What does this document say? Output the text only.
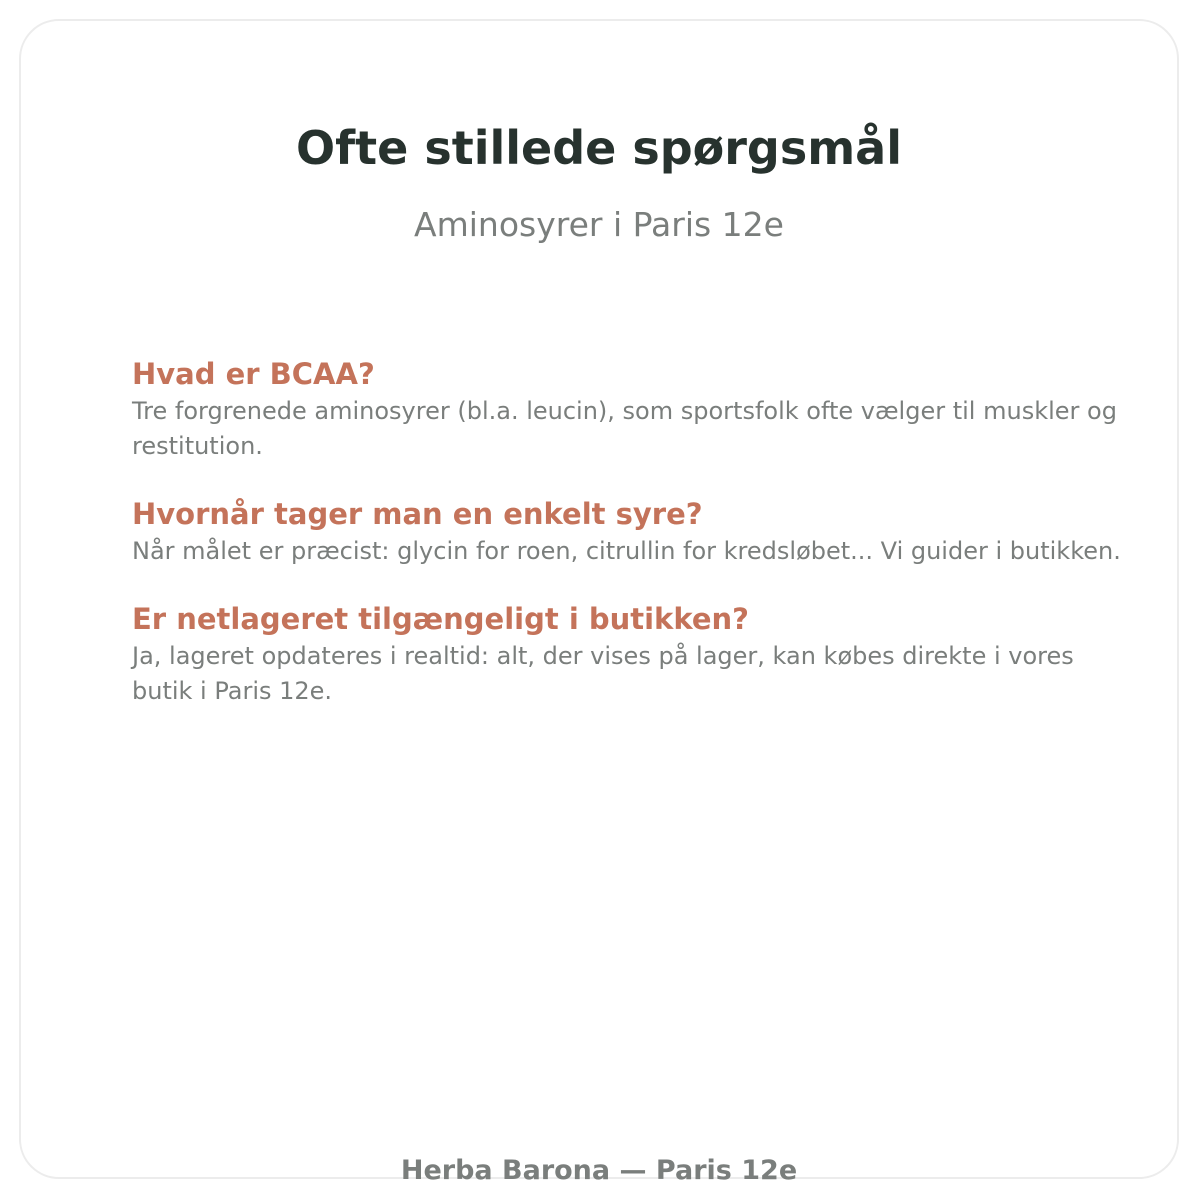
Ofte stillede spørgsmål

Aminosyrer i Paris 12e

Hvad er BCAA?

Tre forgrenede aminosyrer (bl.a. leucin), som sportsfolk ofte vælger til muskler og restitution.

Hvornår tager man en enkelt syre?

Når målet er præcist: glycin for roen, citrullin for kredsløbet... Vi guider i butikken.

Er netlageret tilgængeligt i butikken?

Ja, lageret opdateres i realtid: alt, der vises på lager, kan købes direkte i vores butik i Paris 12e.

Herba Barona — Paris 12e
